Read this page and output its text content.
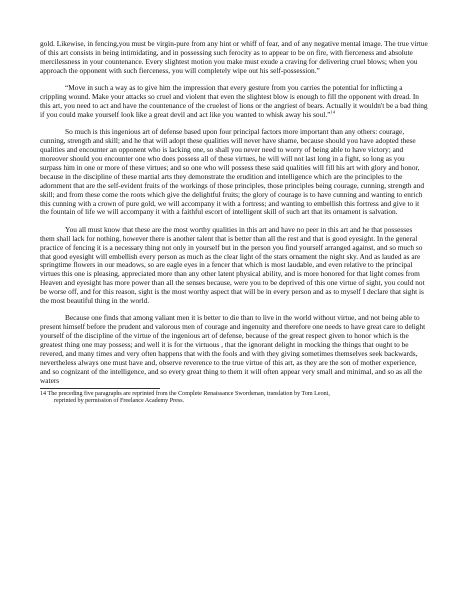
gold. Likewise, in fencing,you must be virgin-pure from any hint or whiff of fear, and of any negative mental image. The true virtue of this art consists in being intimidating, and in possessing such ferocity as to appear to be on fire, with fierceness and absolute mercilessness in your countenance. Every slightest motion you make must exude a craving for delivering cruel blows; when you approach the opponent with such fierceness, you will completely wipe out his self-possession.”

“Move in such a way as to give him the impression that every gesture from you carries the potential for inflicting a crippling wound. Make your attacks so cruel and violent that even the slightest blow is enough to fill the opponent with dread. In this art, you need to act and have the countenance of the cruelest of lions or the angriest of bears. Actually it wouldn't be a bad thing if you could make yourself look like a great devil and act like you wanted to whisk away his soul.”$^{14}$

So much is this ingenious art of defense based upon four principal factors more important than any others: courage, cunning, strength and skill; and he that will adopt these qualities will never have shame, because should you have adopted these qualities and encounter an opponent who is lacking one, so shall you never need to worry of being able to have victory; and moreover should you encounter one who does possess all of these virtues, he will will not last long in a fight, so long as you surpass him in one or more of these virtues; and so one who will possess these said qualities will fill his art with glory and honor, because in the discipline of these martial arts they demonstrate the erudition and intelligence which are the principles to the adornment that are the self-evident fruits of the workings of those principles, those principles being courage, cunning, strength and skill; and from these come the roots which give the delightful fruits; the glory of courage is to have cunning and wanting to enrich this cunning with a crown of pure gold, we will accompany it with a fortress; and wanting to embellish this fortress and give to it the fountain of life we will accompany it with a faithful escort of intelligent skill of such art that its ornament is salvation.

You all must know that these are the most worthy qualities in this art and have no peer in this art and he that possesses them shall lack for nothing, however there is another talent that is better than all the rest and that is good eyesight. In the general practice of fencing it is a necessary thing not only in yourself but in the person you find yourself arranged against, and so much so that good eyesight will embellish every person as much as the clear light of the stars ornament the night sky. And as lauded as are springtime flowers in our meadows, so are eagle eyes in a fencer that which is most laudable, and even relative to the principal virtues this one is pleasing, appreciated more than any other latent physical ability, and is more honored for that light comes from Heaven and eyesight has more power than all the senses because, were you to be deprived of this one virtue of sight, you could not be worse off, and for this reason, sight is the most worthy aspect that will be in every person and as to myself I declare that sight is the most beautiful thing in the world.

Because one finds that among valiant men it is better to die than to live in the world without virtue, and not being able to present himself before the prudent and valorous men of courage and ingenuity and therefore one needs to have great care to delight yourself of the discipline of the virtue of the ingenious art of defense, because of the great respect given to honor which is the greatest thing one may possess; and well it is for the virtuous , that the ignorant delight in mocking the things that ought to be revered, and many times and very often happens that with the fools and with they giving sometimes themselves seek backwards, nevertheless always one must have and, observe reverence to the true virtue of this art, as they are the son of mother experience, and so cognizant of the intelligence, and so every great thing to them it will often appear very small and minimal, and so as all the waters

14 The preceding five paragraphs are reprinted from the Complete Renaissance Swordsman, translation by Tom Leoni,
reprinted by permission of Freelance Academy Press.
